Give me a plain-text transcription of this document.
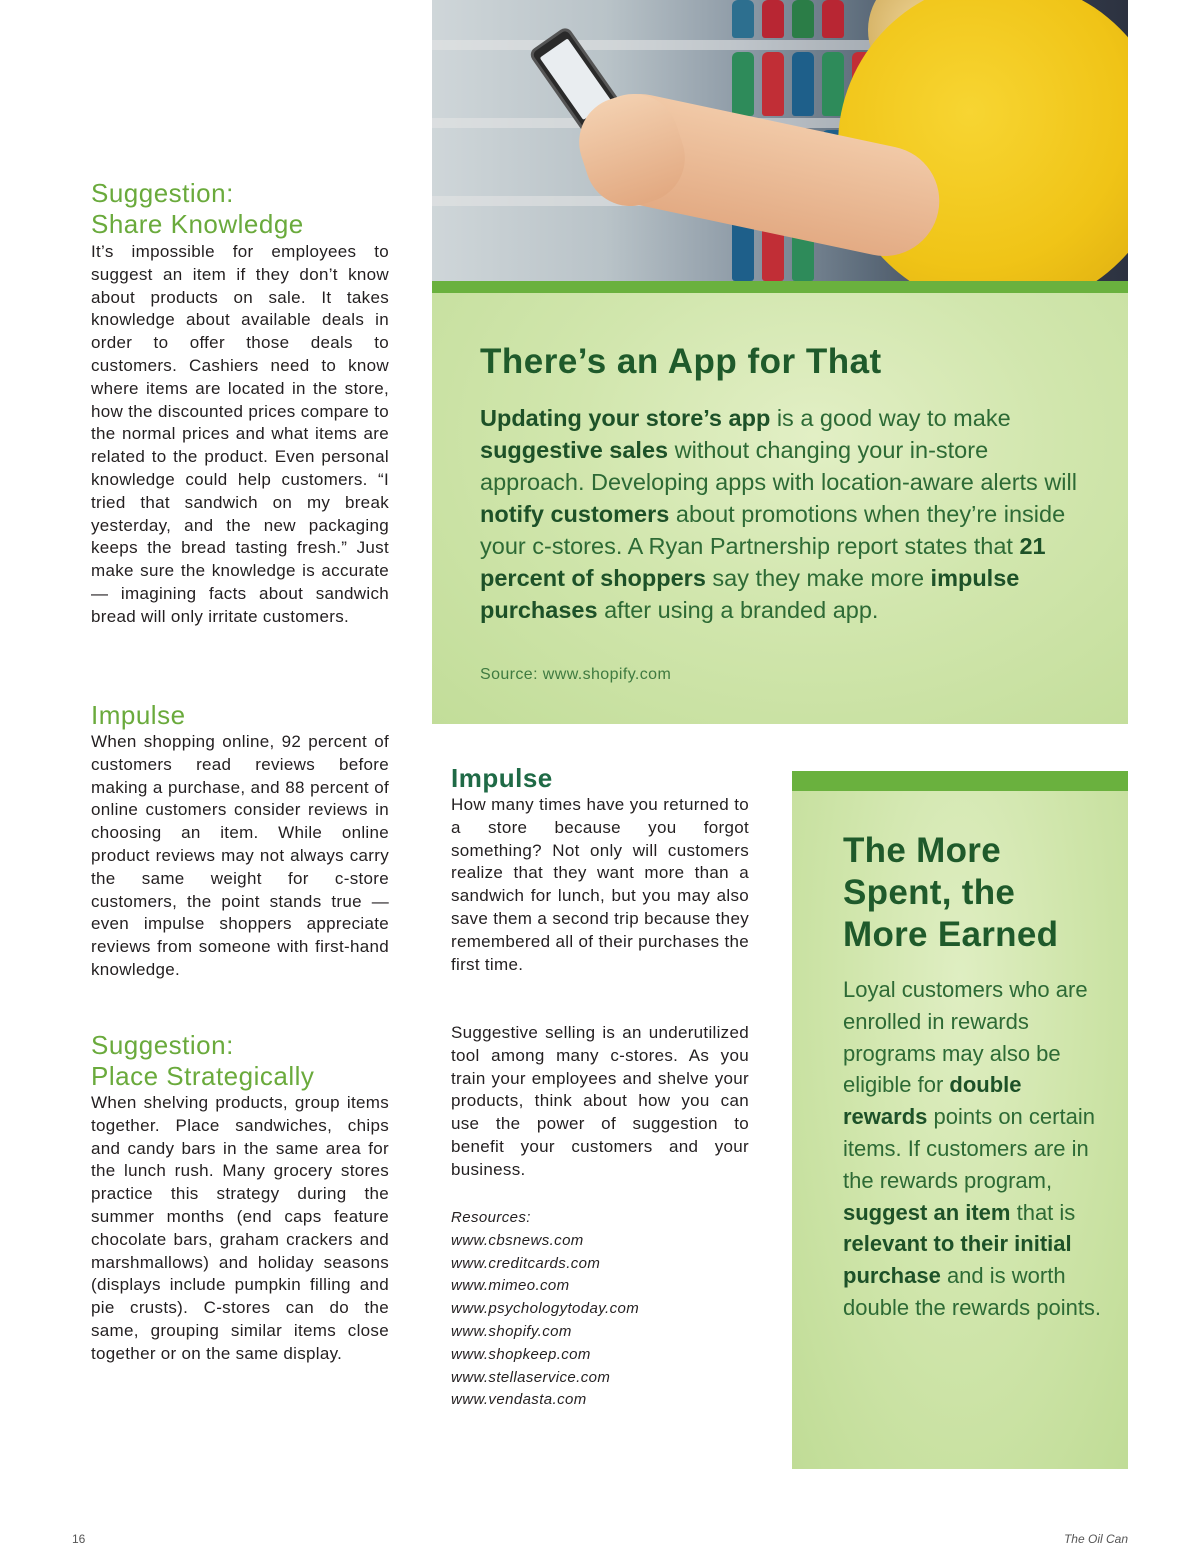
There’s an App for That

Updating your store’s app is a good way to make suggestive sales without changing your in-store approach. Developing apps with location-aware alerts will notify customers about promotions when they’re inside your c-stores. A Ryan Partnership report states that 21 percent of shoppers say they make more impulse purchases after using a branded app.

Source: www.shopify.com
Suggestion:
Share Knowledge

It’s impossible for employees to suggest an item if they don’t know about products on sale. It takes knowledge about available deals in order to offer those deals to customers. Cashiers need to know where items are located in the store, how the discounted prices compare to the normal prices and what items are related to the product. Even personal knowledge could help customers. “I tried that sandwich on my break yesterday, and the new packaging keeps the bread tasting fresh.” Just make sure the knowledge is accurate — imagining facts about sandwich bread will only irritate customers.

Impulse

When shopping online, 92 percent of customers read reviews before making a purchase, and 88 percent of online customers consider reviews in choosing an item. While online product reviews may not always carry the same weight for c-store customers, the point stands true — even impulse shoppers appreciate reviews from someone with first-hand knowledge.

Suggestion:
Place Strategically

When shelving products, group items together. Place sandwiches, chips and candy bars in the same area for the lunch rush. Many grocery stores practice this strategy during the summer months (end caps feature chocolate bars, graham crackers and marshmallows) and holiday seasons (displays include pumpkin filling and pie crusts). C-stores can do the same, grouping similar items close together or on the same display.

Impulse

How many times have you returned to a store because you forgot something? Not only will customers realize that they want more than a sandwich for lunch, but you may also save them a second trip because they remembered all of their purchases the first time.

Suggestive selling is an underutilized tool among many c-stores. As you train your employees and shelve your products, think about how you can use the power of suggestion to benefit your customers and your business.

Resources:
www.cbsnews.com
www.creditcards.com
www.mimeo.com
www.psychologytoday.com
www.shopify.com
www.shopkeep.com
www.stellaservice.com
www.vendasta.com
The More
Spent, the
More Earned

Loyal customers who are enrolled in rewards programs may also be eligible for double rewards points on certain items. If customers are in the rewards program, suggest an item that is relevant to their initial purchase and is worth double the rewards points.

16	The Oil Can
